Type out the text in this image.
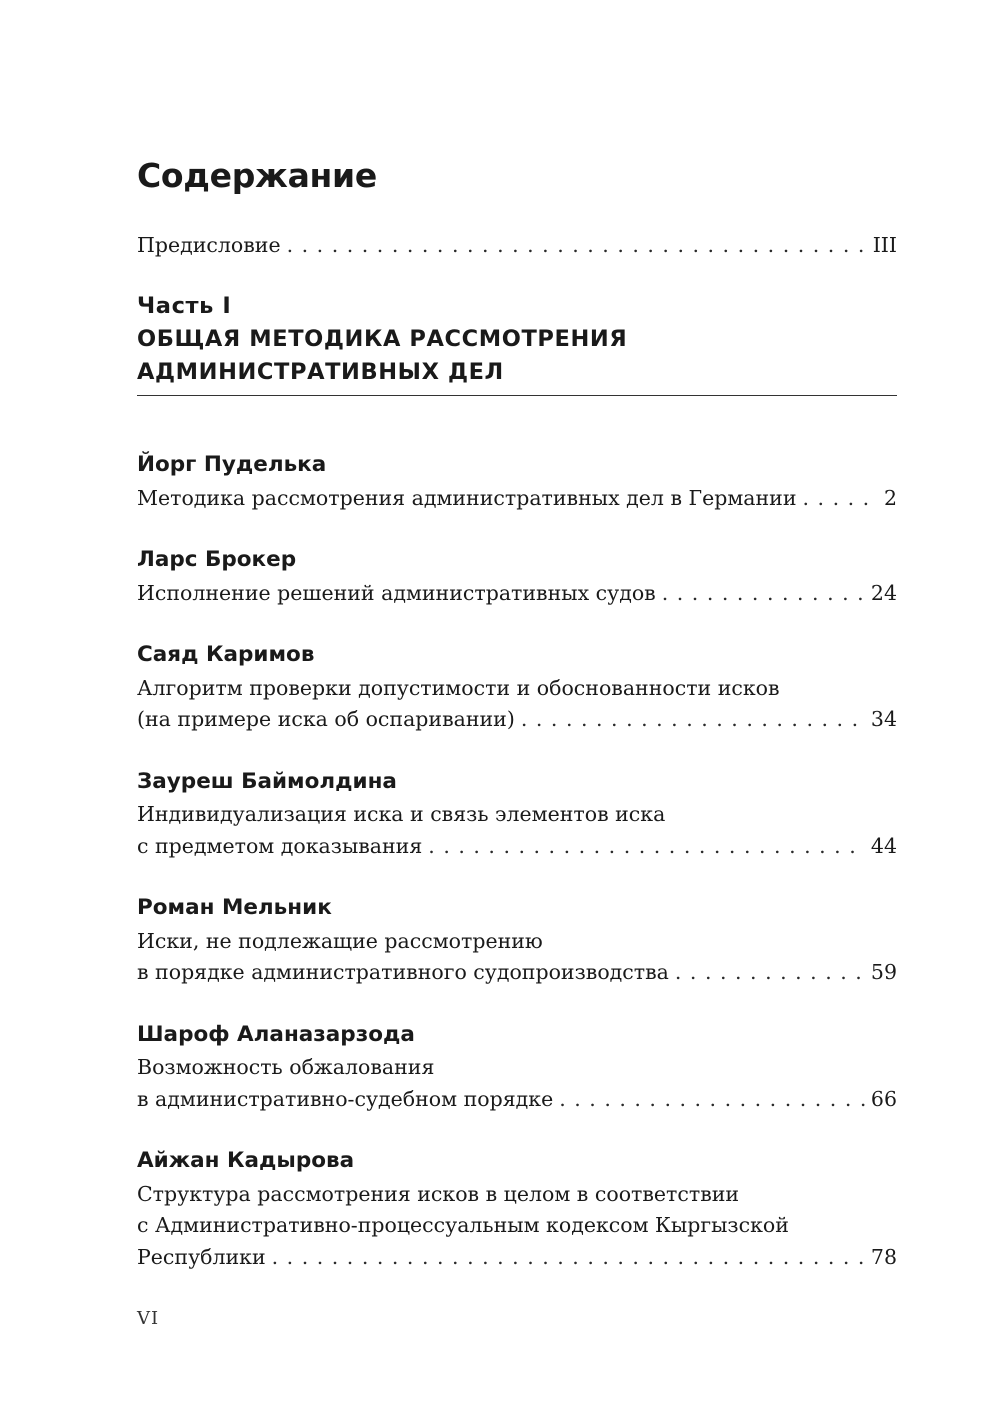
Содержание
Предисловие . . .	III
Часть I
ОБЩАЯ МЕТОДИКА РАССМОТРЕНИЯ
АДМИНИСТРАТИВНЫХ ДЕЛ
Йорг Пуделька
Методика рассмотрения административных дел в Германии . . .	2
Ларс Брокер
Исполнение решений административных судов . . .	24
Саяд Каримов
Алгоритм проверки допустимости и обоснованности исков
(на примере иска об оспаривании) . . .	34
Зауреш Баймолдина
Индивидуализация иска и связь элементов иска
с предметом доказывания . . .	44
Роман Мельник
Иски, не подлежащие рассмотрению
в порядке административного судопроизводства . . .	59
Шароф Аланазарзода
Возможность обжалования
в административно-судебном порядке . . .	66
Айжан Кадырова
Структура рассмотрения исков в целом в соответствии
с Административно-процессуальным кодексом Кыргызской
Республики . . .	78
VI
